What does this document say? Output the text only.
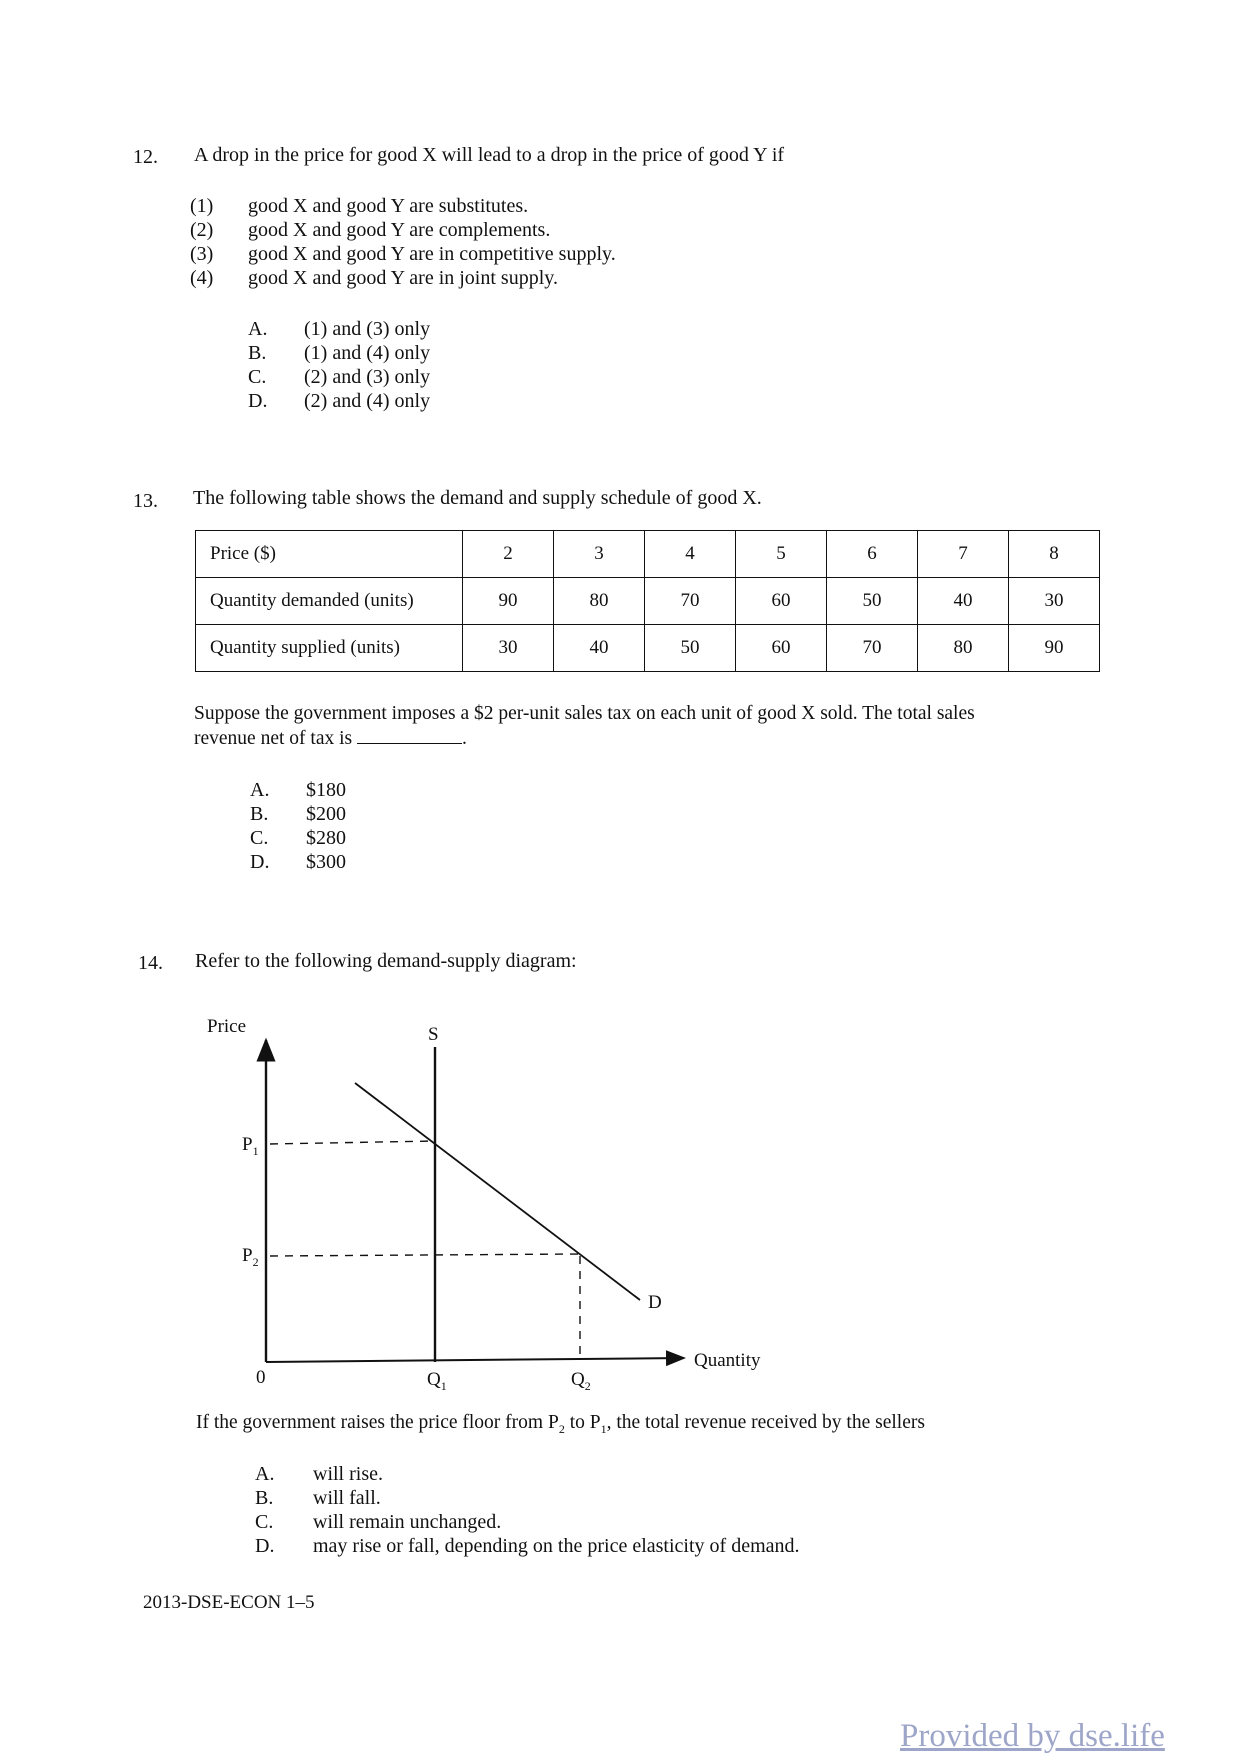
12. A drop in the price for good X will lead to a drop in the price of good Y if
(1) good X and good Y are substitutes.
(2) good X and good Y are complements.
(3) good X and good Y are in competitive supply.
(4) good X and good Y are in joint supply.
A. (1) and (3) only
B. (1) and (4) only
C. (2) and (3) only
D. (2) and (4) only
13. The following table shows the demand and supply schedule of good X.
Price ($)	2	3	4	5	6	7	8
Quantity demanded (units)	90	80	70	60	50	40	30
Quantity supplied (units)	30	40	50	60	70	80	90
Suppose the government imposes a $2 per-unit sales tax on each unit of good X sold. The total sales
revenue net of tax is	.
A. $180
B. $200
C. $280
D. $300
14. Refer to the following demand-supply diagram:
Price	S
$P_1$
$P_2$
D
Quantity
0	$Q_1$	$Q_2$
If the government raises the price floor from $P_2$ to $P_1$, the total revenue received by the sellers
A. will rise.
B. will fall.
C. will remain unchanged.
D. may rise or fall, depending on the price elasticity of demand.
2013-DSE-ECON 1–5
Provided by dse.life
